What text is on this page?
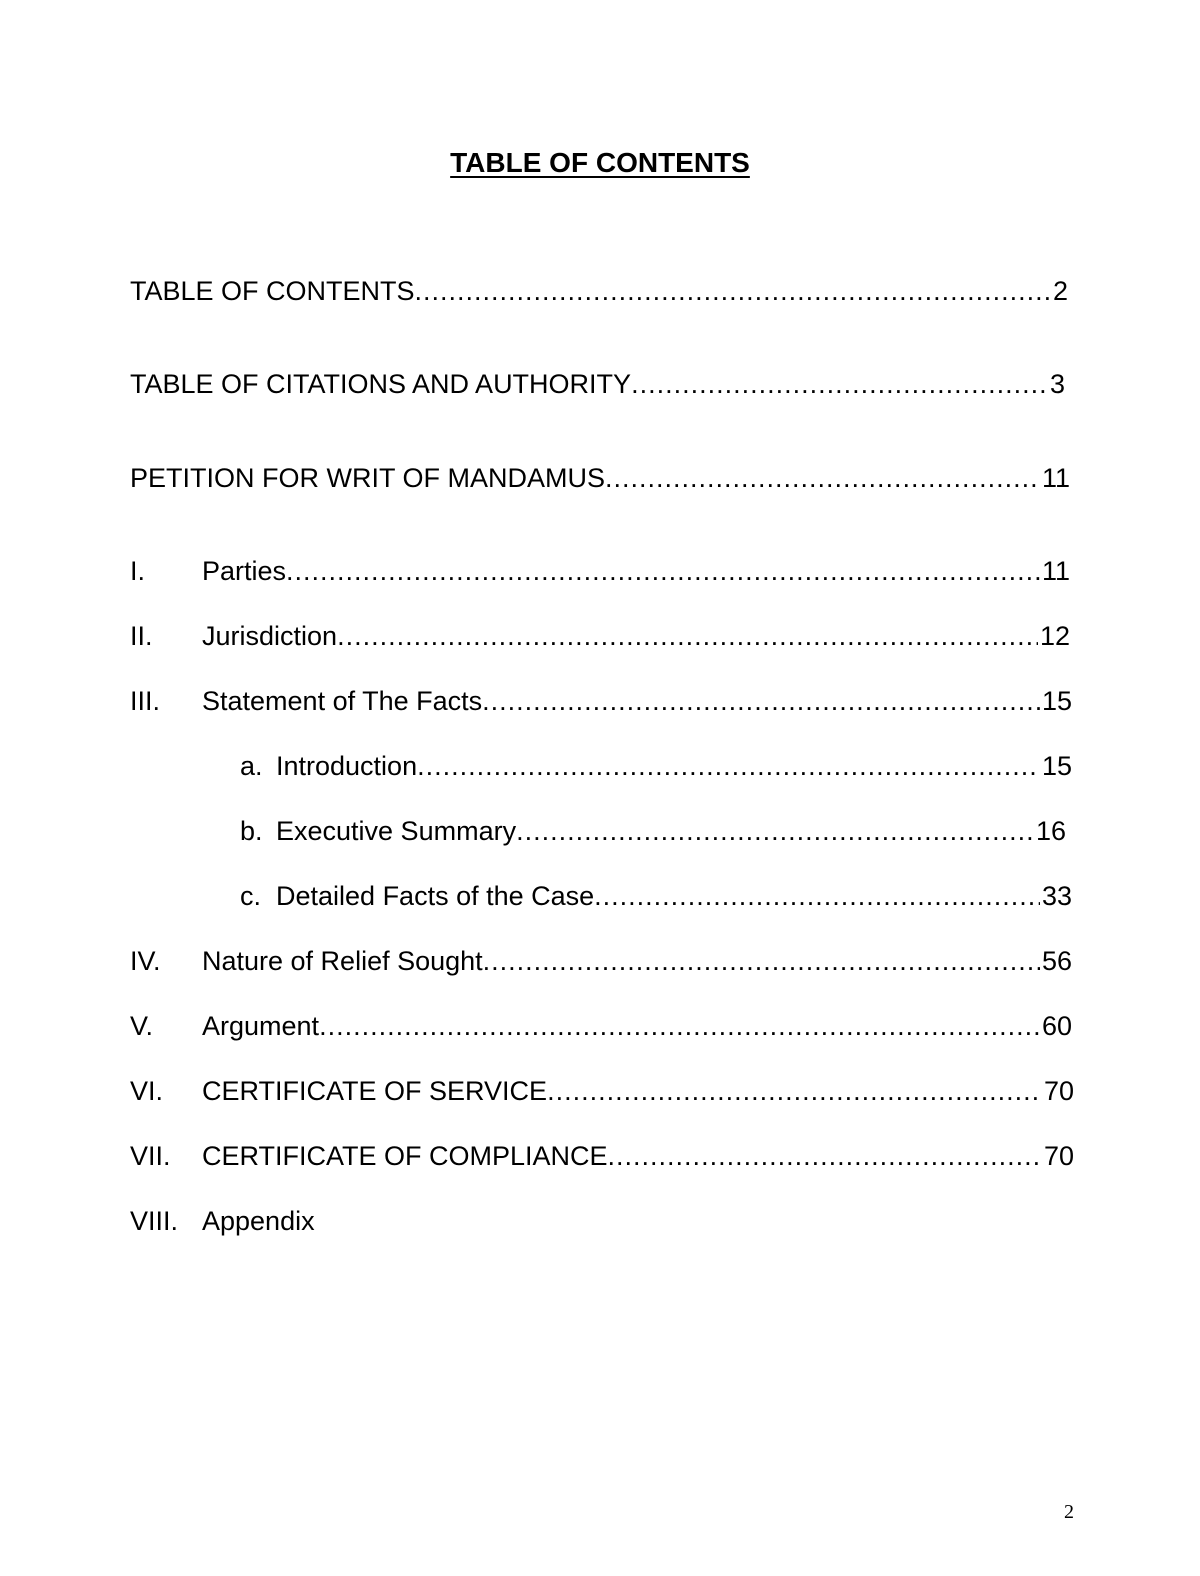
TABLE OF CONTENTS
TABLE OF CONTENTS .....	2
TABLE OF CITATIONS AND AUTHORITY .....	3
PETITION FOR WRIT OF MANDAMUS .....	11
I.	Parties .....	11
II.	Jurisdiction .....	12
III.	Statement of The Facts .....	15
a. Introduction .....	15
b. Executive Summary .....	16
c. Detailed Facts of the Case .....	33
IV.	Nature of Relief Sought .....	56
V.	Argument .....	60
VI.	CERTIFICATE OF SERVICE .....	70
VII.	CERTIFICATE OF COMPLIANCE .....	70
VIII. Appendix
2
